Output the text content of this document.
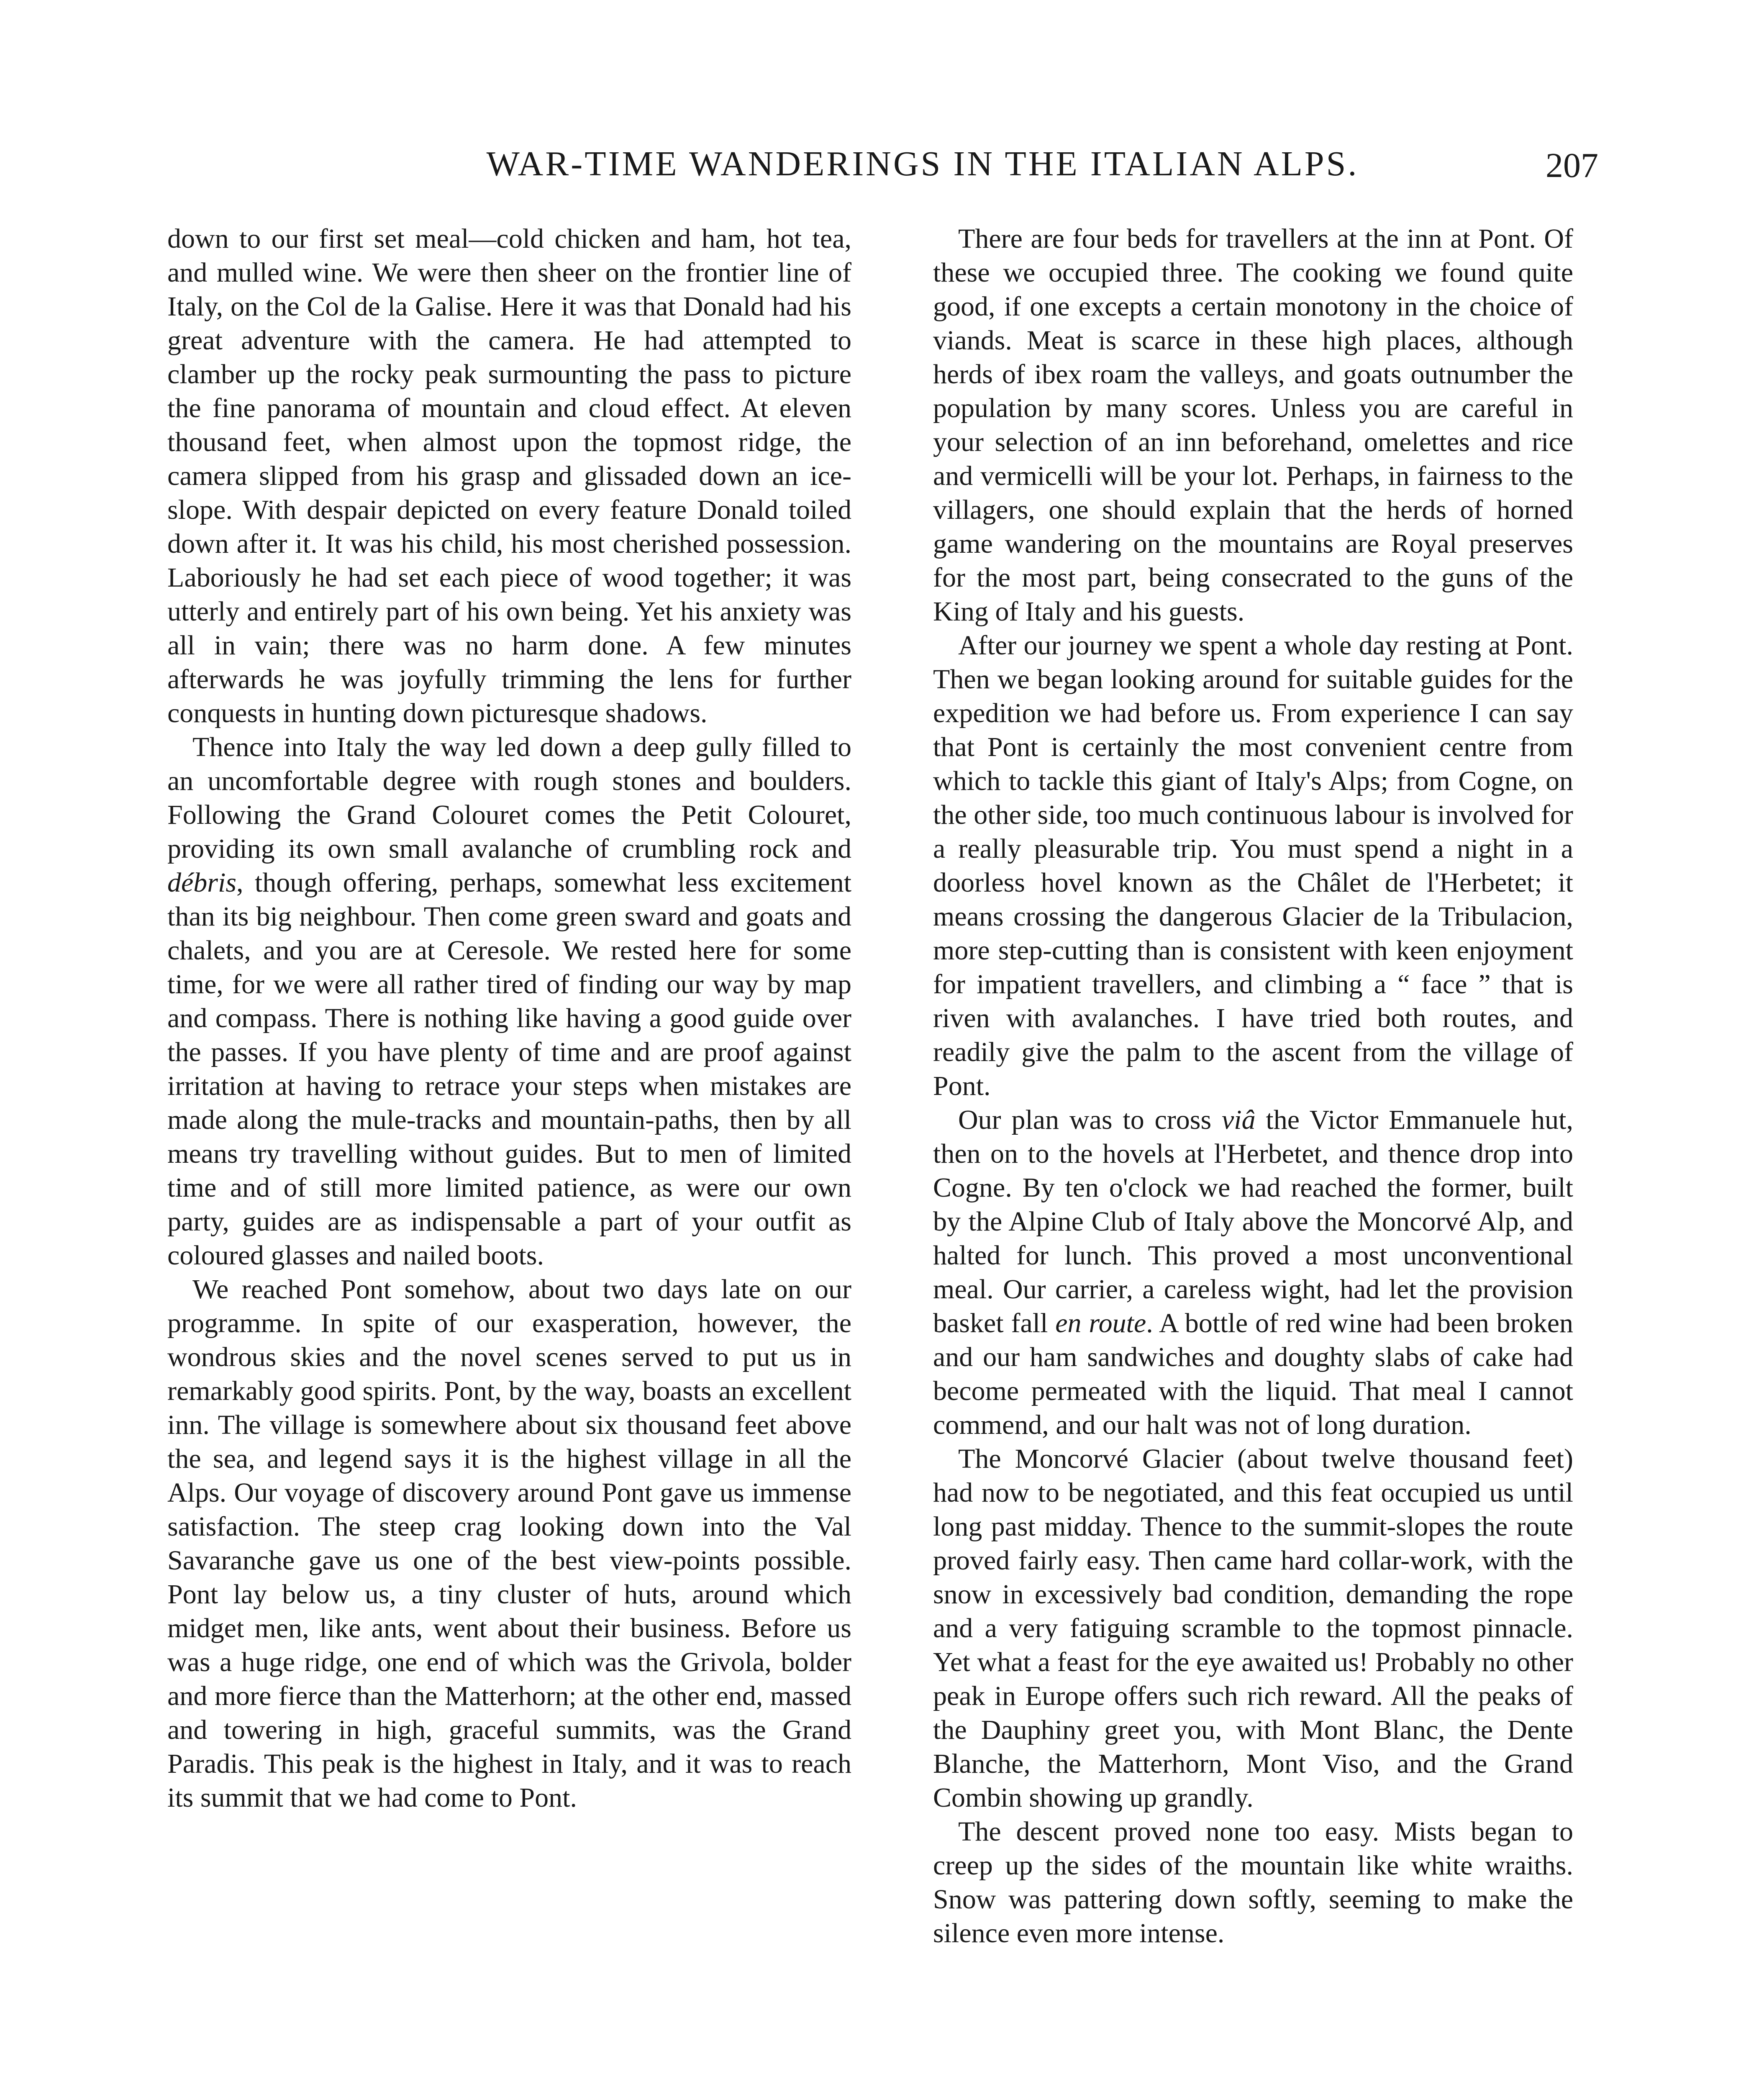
WAR-TIME WANDERINGS IN THE ITALIAN ALPS.	207

down to our first set meal—cold chicken and ham, hot tea, and mulled wine. We were then sheer on the frontier line of Italy, on the Col de la Galise. Here it was that Donald had his great adventure with the camera. He had attempted to clamber up the rocky peak surmounting the pass to picture the fine panorama of mountain and cloud effect. At eleven thousand feet, when almost upon the topmost ridge, the camera slipped from his grasp and glissaded down an ice-slope. With despair depicted on every feature Donald toiled down after it. It was his child, his most cherished possession. Laboriously he had set each piece of wood together; it was utterly and entirely part of his own being. Yet his anxiety was all in vain; there was no harm done. A few minutes afterwards he was joyfully trimming the lens for further conquests in hunting down picturesque shadows.

Thence into Italy the way led down a deep gully filled to an uncomfortable degree with rough stones and boulders. Following the Grand Colouret comes the Petit Colouret, providing its own small avalanche of crumbling rock and débris, though offering, perhaps, somewhat less excitement than its big neighbour. Then come green sward and goats and chalets, and you are at Ceresole. We rested here for some time, for we were all rather tired of finding our way by map and compass. There is nothing like having a good guide over the passes. If you have plenty of time and are proof against irritation at having to retrace your steps when mistakes are made along the mule-tracks and mountain-paths, then by all means try travelling without guides. But to men of limited time and of still more limited patience, as were our own party, guides are as indispensable a part of your outfit as coloured glasses and nailed boots.

We reached Pont somehow, about two days late on our programme. In spite of our exasperation, however, the wondrous skies and the novel scenes served to put us in remarkably good spirits. Pont, by the way, boasts an excellent inn. The village is somewhere about six thousand feet above the sea, and legend says it is the highest village in all the Alps. Our voyage of discovery around Pont gave us immense satisfaction. The steep crag looking down into the Val Savaranche gave us one of the best view-points possible. Pont lay below us, a tiny cluster of huts, around which midget men, like ants, went about their business. Before us was a huge ridge, one end of which was the Grivola, bolder and more fierce than the Matterhorn; at the other end, massed and towering in high, graceful summits, was the Grand Paradis. This peak is the highest in Italy, and it was to reach its summit that we had come to Pont.

There are four beds for travellers at the inn at Pont. Of these we occupied three. The cooking we found quite good, if one excepts a certain monotony in the choice of viands. Meat is scarce in these high places, although herds of ibex roam the valleys, and goats outnumber the population by many scores. Unless you are careful in your selection of an inn beforehand, omelettes and rice and vermicelli will be your lot. Perhaps, in fairness to the villagers, one should explain that the herds of horned game wandering on the mountains are Royal preserves for the most part, being consecrated to the guns of the King of Italy and his guests.

After our journey we spent a whole day resting at Pont. Then we began looking around for suitable guides for the expedition we had before us. From experience I can say that Pont is certainly the most convenient centre from which to tackle this giant of Italy's Alps; from Cogne, on the other side, too much continuous labour is involved for a really pleasurable trip. You must spend a night in a doorless hovel known as the Châlet de l'Herbetet; it means crossing the dangerous Glacier de la Tribulacion, more step-cutting than is consistent with keen enjoyment for impatient travellers, and climbing a “ face ” that is riven with avalanches. I have tried both routes, and readily give the palm to the ascent from the village of Pont.

Our plan was to cross viâ the Victor Emmanuele hut, then on to the hovels at l'Herbetet, and thence drop into Cogne. By ten o'clock we had reached the former, built by the Alpine Club of Italy above the Moncorvé Alp, and halted for lunch. This proved a most unconventional meal. Our carrier, a careless wight, had let the provision basket fall en route. A bottle of red wine had been broken and our ham sandwiches and doughty slabs of cake had become permeated with the liquid. That meal I cannot commend, and our halt was not of long duration.

The Moncorvé Glacier (about twelve thousand feet) had now to be negotiated, and this feat occupied us until long past midday. Thence to the summit-slopes the route proved fairly easy. Then came hard collar-work, with the snow in excessively bad condition, demanding the rope and a very fatiguing scramble to the topmost pinnacle. Yet what a feast for the eye awaited us! Probably no other peak in Europe offers such rich reward. All the peaks of the Dauphiny greet you, with Mont Blanc, the Dente Blanche, the Matterhorn, Mont Viso, and the Grand Combin showing up grandly.

The descent proved none too easy. Mists began to creep up the sides of the mountain like white wraiths. Snow was pattering down softly, seeming to make the silence even more intense.
